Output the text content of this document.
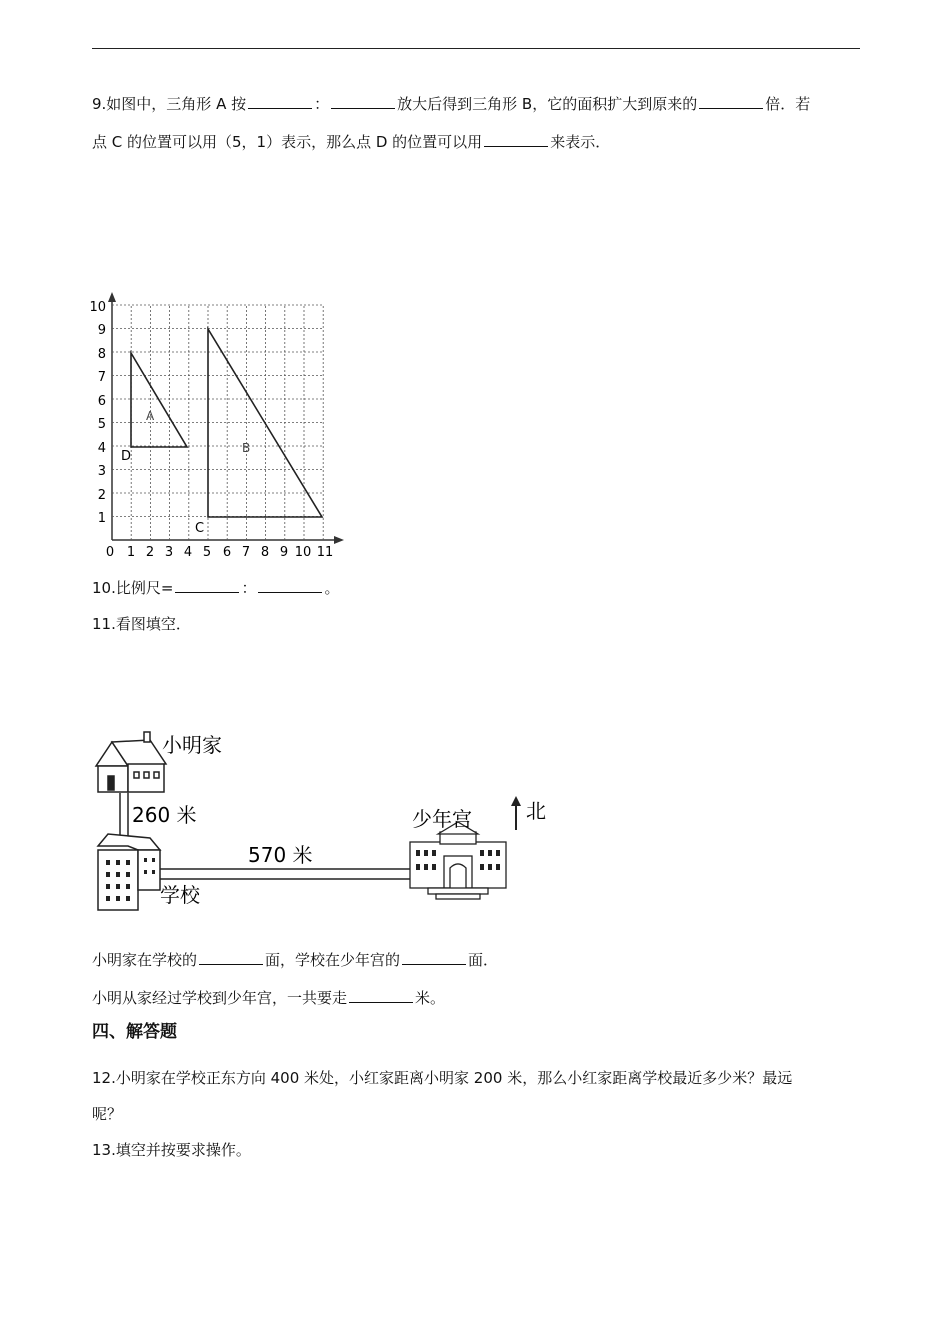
9.如图中，三角形 A 按	：	放大后得到三角形 B，它的面积扩大到原来的	倍．若
点 C 的位置可以用（5，1）表示，那么点 D 的位置可以用	来表示．
10
9
8
7
6
5
4
3
2
1
0 1 2 3 4 5 6 7 8 9 10 11
A
B
C
D
10.比例尺=	：	。
11.看图填空．
小明家
260 米
学校
570 米
少年宫	北
小明家在学校的	面，学校在少年宫的	面．
小明从家经过学校到少年宫，一共要走	米。
四、解答题
12.小明家在学校正东方向 400 米处，小红家距离小明家 200 米，那么小红家距离学校最近多少米？最远
呢？
13.填空并按要求操作。
